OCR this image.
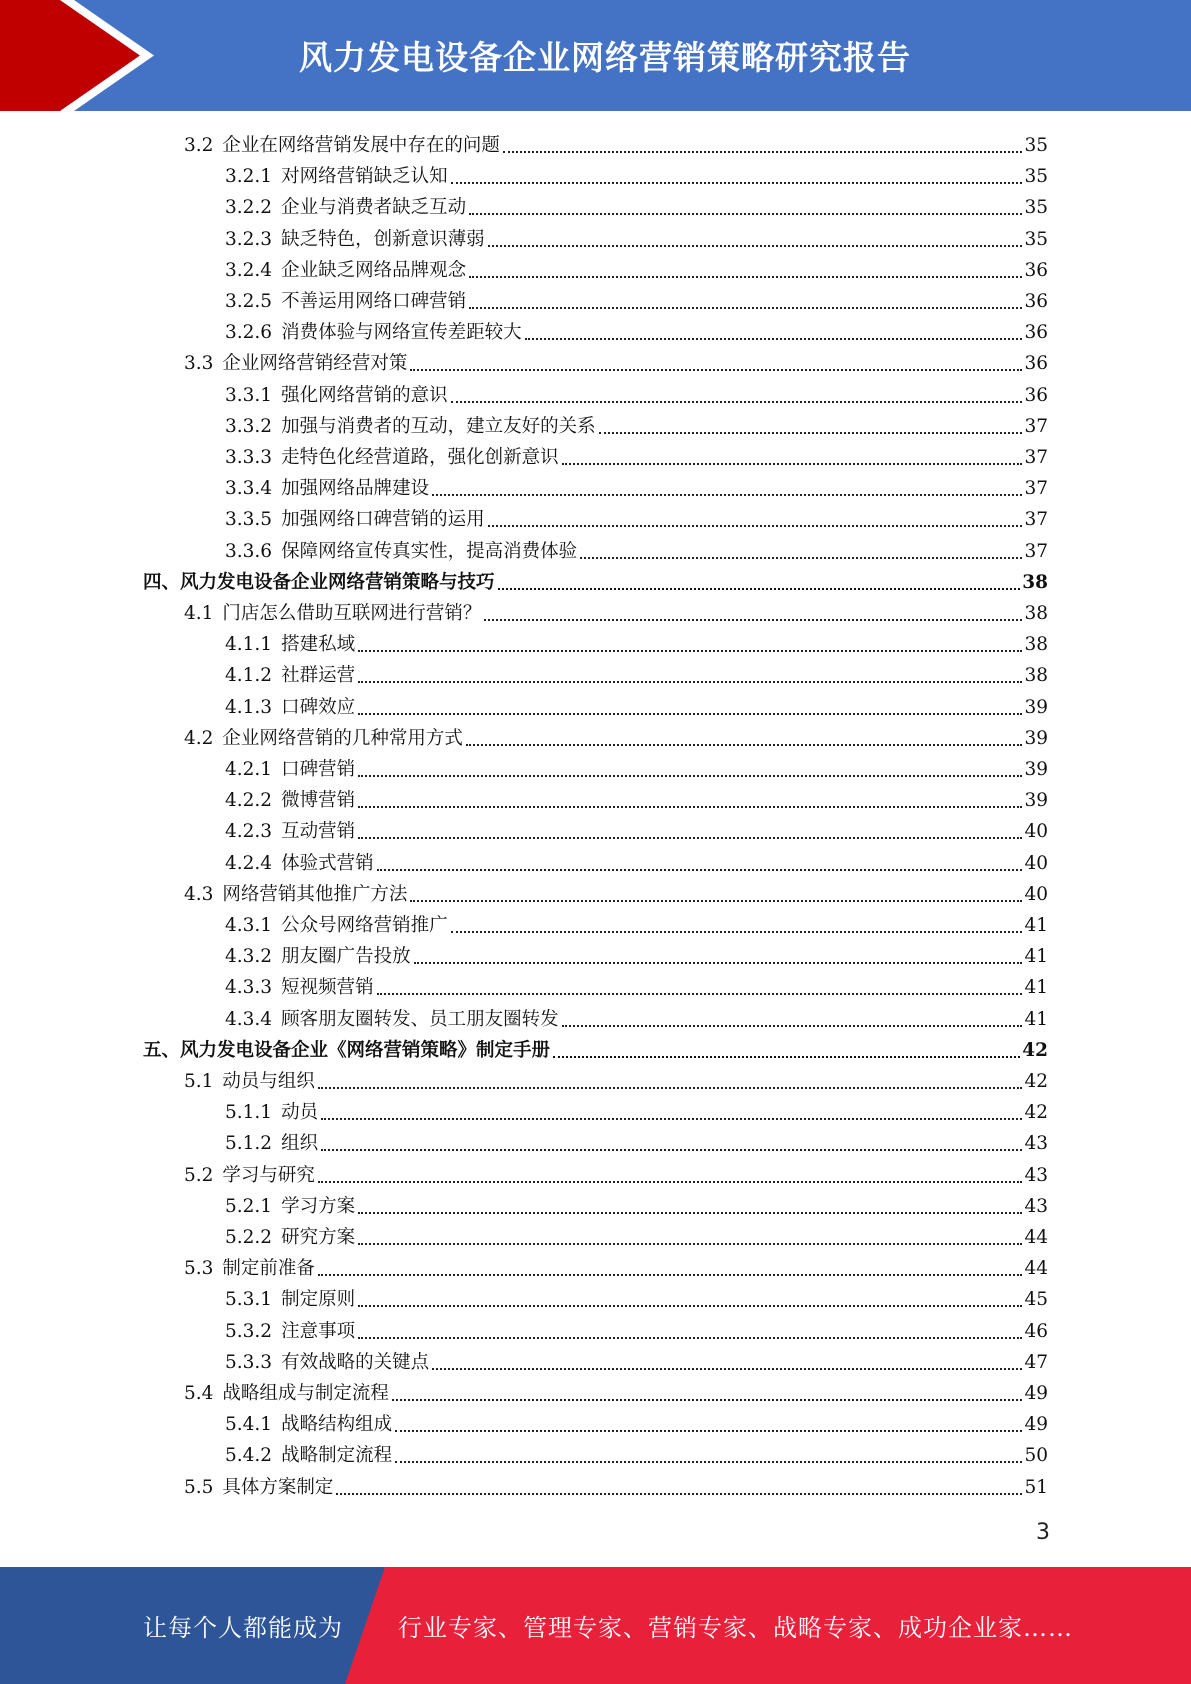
风力发电设备企业网络营销策略研究报告
3.2 企业在网络营销发展中存在的问题	35
3.2.1 对网络营销缺乏认知	35
3.2.2 企业与消费者缺乏互动	35
3.2.3 缺乏特色，创新意识薄弱	35
3.2.4 企业缺乏网络品牌观念	36
3.2.5 不善运用网络口碑营销	36
3.2.6 消费体验与网络宣传差距较大	36
3.3 企业网络营销经营对策	36
3.3.1 强化网络营销的意识	36
3.3.2 加强与消费者的互动，建立友好的关系	37
3.3.3 走特色化经营道路，强化创新意识	37
3.3.4 加强网络品牌建设	37
3.3.5 加强网络口碑营销的运用	37
3.3.6 保障网络宣传真实性，提高消费体验	37
四、风力发电设备企业网络营销策略与技巧	38
4.1 门店怎么借助互联网进行营销？	38
4.1.1 搭建私域	38
4.1.2 社群运营	38
4.1.3 口碑效应	39
4.2 企业网络营销的几种常用方式	39
4.2.1 口碑营销	39
4.2.2 微博营销	39
4.2.3 互动营销	40
4.2.4 体验式营销	40
4.3 网络营销其他推广方法	40
4.3.1 公众号网络营销推广	41
4.3.2 朋友圈广告投放	41
4.3.3 短视频营销	41
4.3.4 顾客朋友圈转发、员工朋友圈转发	41
五、风力发电设备企业《网络营销策略》制定手册	42
5.1 动员与组织	42
5.1.1 动员	42
5.1.2 组织	43
5.2 学习与研究	43
5.2.1 学习方案	43
5.2.2 研究方案	44
5.3 制定前准备	44
5.3.1 制定原则	45
5.3.2 注意事项	46
5.3.3 有效战略的关键点	47
5.4 战略组成与制定流程	49
5.4.1 战略结构组成	49
5.4.2 战略制定流程	50
5.5 具体方案制定	51
3
让每个人都能成为 行业专家、管理专家、营销专家、战略专家、成功企业家……
